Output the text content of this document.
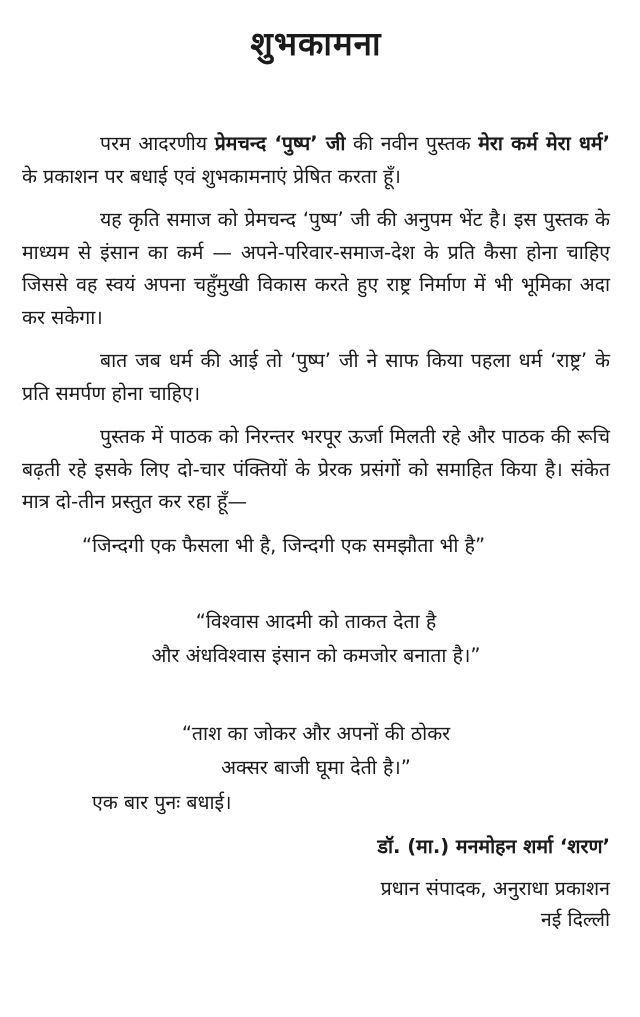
शुभकामना

परम आदरणीय प्रेमचन्द ‘पुष्प’ जी की नवीन पुस्तक मेरा कर्म मेरा धर्म’ के प्रकाशन पर बधाई एवं शुभकामनाएं प्रेषित करता हूँ।

यह कृति समाज को प्रेमचन्द ‘पुष्प’ जी की अनुपम भेंट है। इस पुस्तक के माध्यम से इंसान का कर्म — अपने-परिवार-समाज-देश के प्रति कैसा होना चाहिए जिससे वह स्वयं अपना चहुँमुखी विकास करते हुए राष्ट्र निर्माण में भी भूमिका अदा कर सकेगा।

बात जब धर्म की आई तो ‘पुष्प’ जी ने साफ किया पहला धर्म ‘राष्ट्र’ के प्रति समर्पण होना चाहिए।

पुस्तक में पाठक को निरन्तर भरपूर ऊर्जा मिलती रहे और पाठक की रूचि बढ़ती रहे इसके लिए दो-चार पंक्तियों के प्रेरक प्रसंगों को समाहित किया है। संकेत मात्र दो-तीन प्रस्तुत कर रहा हूँ—

“जिन्दगी एक फैसला भी है, जिन्दगी एक समझौता भी है”

“विश्वास आदमी को ताकत देता है
और अंधविश्वास इंसान को कमजोर बनाता है।”
“ताश का जोकर और अपनों की ठोकर
अक्सर बाजी घूमा देती है।”

एक बार पुनः बधाई।

डॉ. (मा.) मनमोहन शर्मा ‘शरण’
प्रधान संपादक, अनुराधा प्रकाशन
नई दिल्ली
